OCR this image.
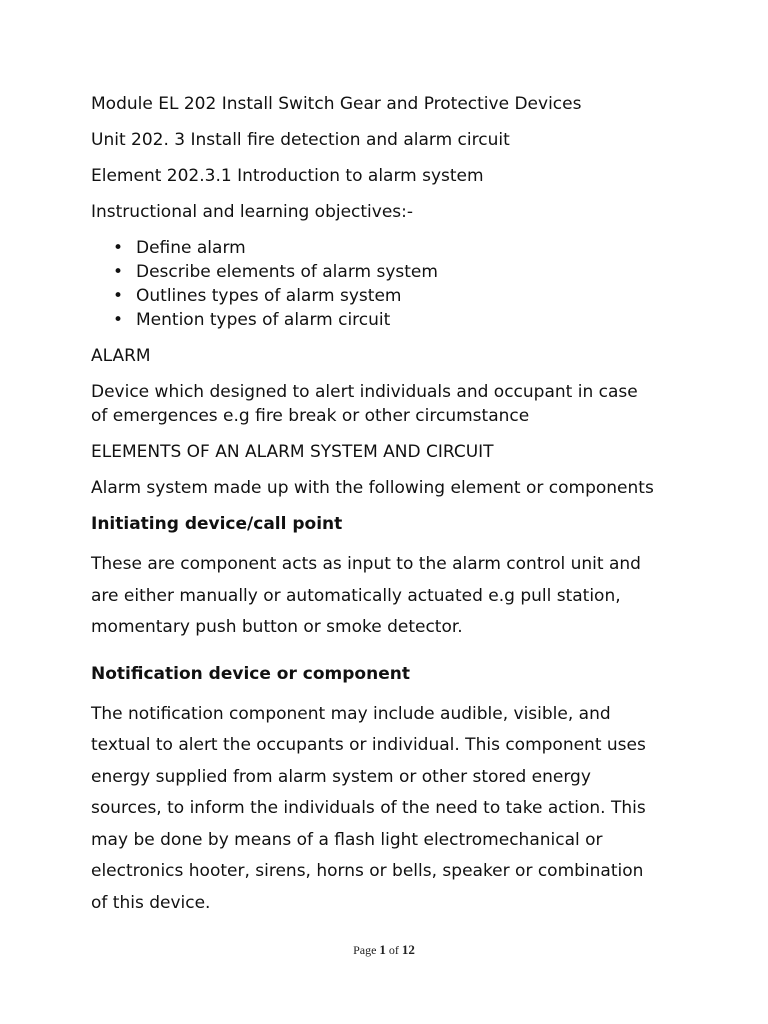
Module EL 202 Install Switch Gear and Protective Devices

Unit 202. 3 Install fire detection and alarm circuit

Element 202.3.1 Introduction to alarm system

Instructional and learning objectives:-

• Define alarm
• Describe elements of alarm system
• Outlines types of alarm system
• Mention types of alarm circuit

ALARM

Device which designed to alert individuals and occupant in case

of emergences e.g fire break or other circumstance

ELEMENTS OF AN ALARM SYSTEM AND CIRCUIT

Alarm system made up with the following element or components

Initiating device/call point

These are component acts as input to the alarm control unit and

are either manually or automatically actuated e.g pull station,

momentary push button or smoke detector.

Notification device or component

The notification component may include audible, visible, and

textual to alert the occupants or individual. This component uses

energy supplied from alarm system or other stored energy

sources, to inform the individuals of the need to take action. This

may be done by means of a flash light electromechanical or

electronics hooter, sirens, horns or bells, speaker or combination

of this device.

Page 1 of 12
